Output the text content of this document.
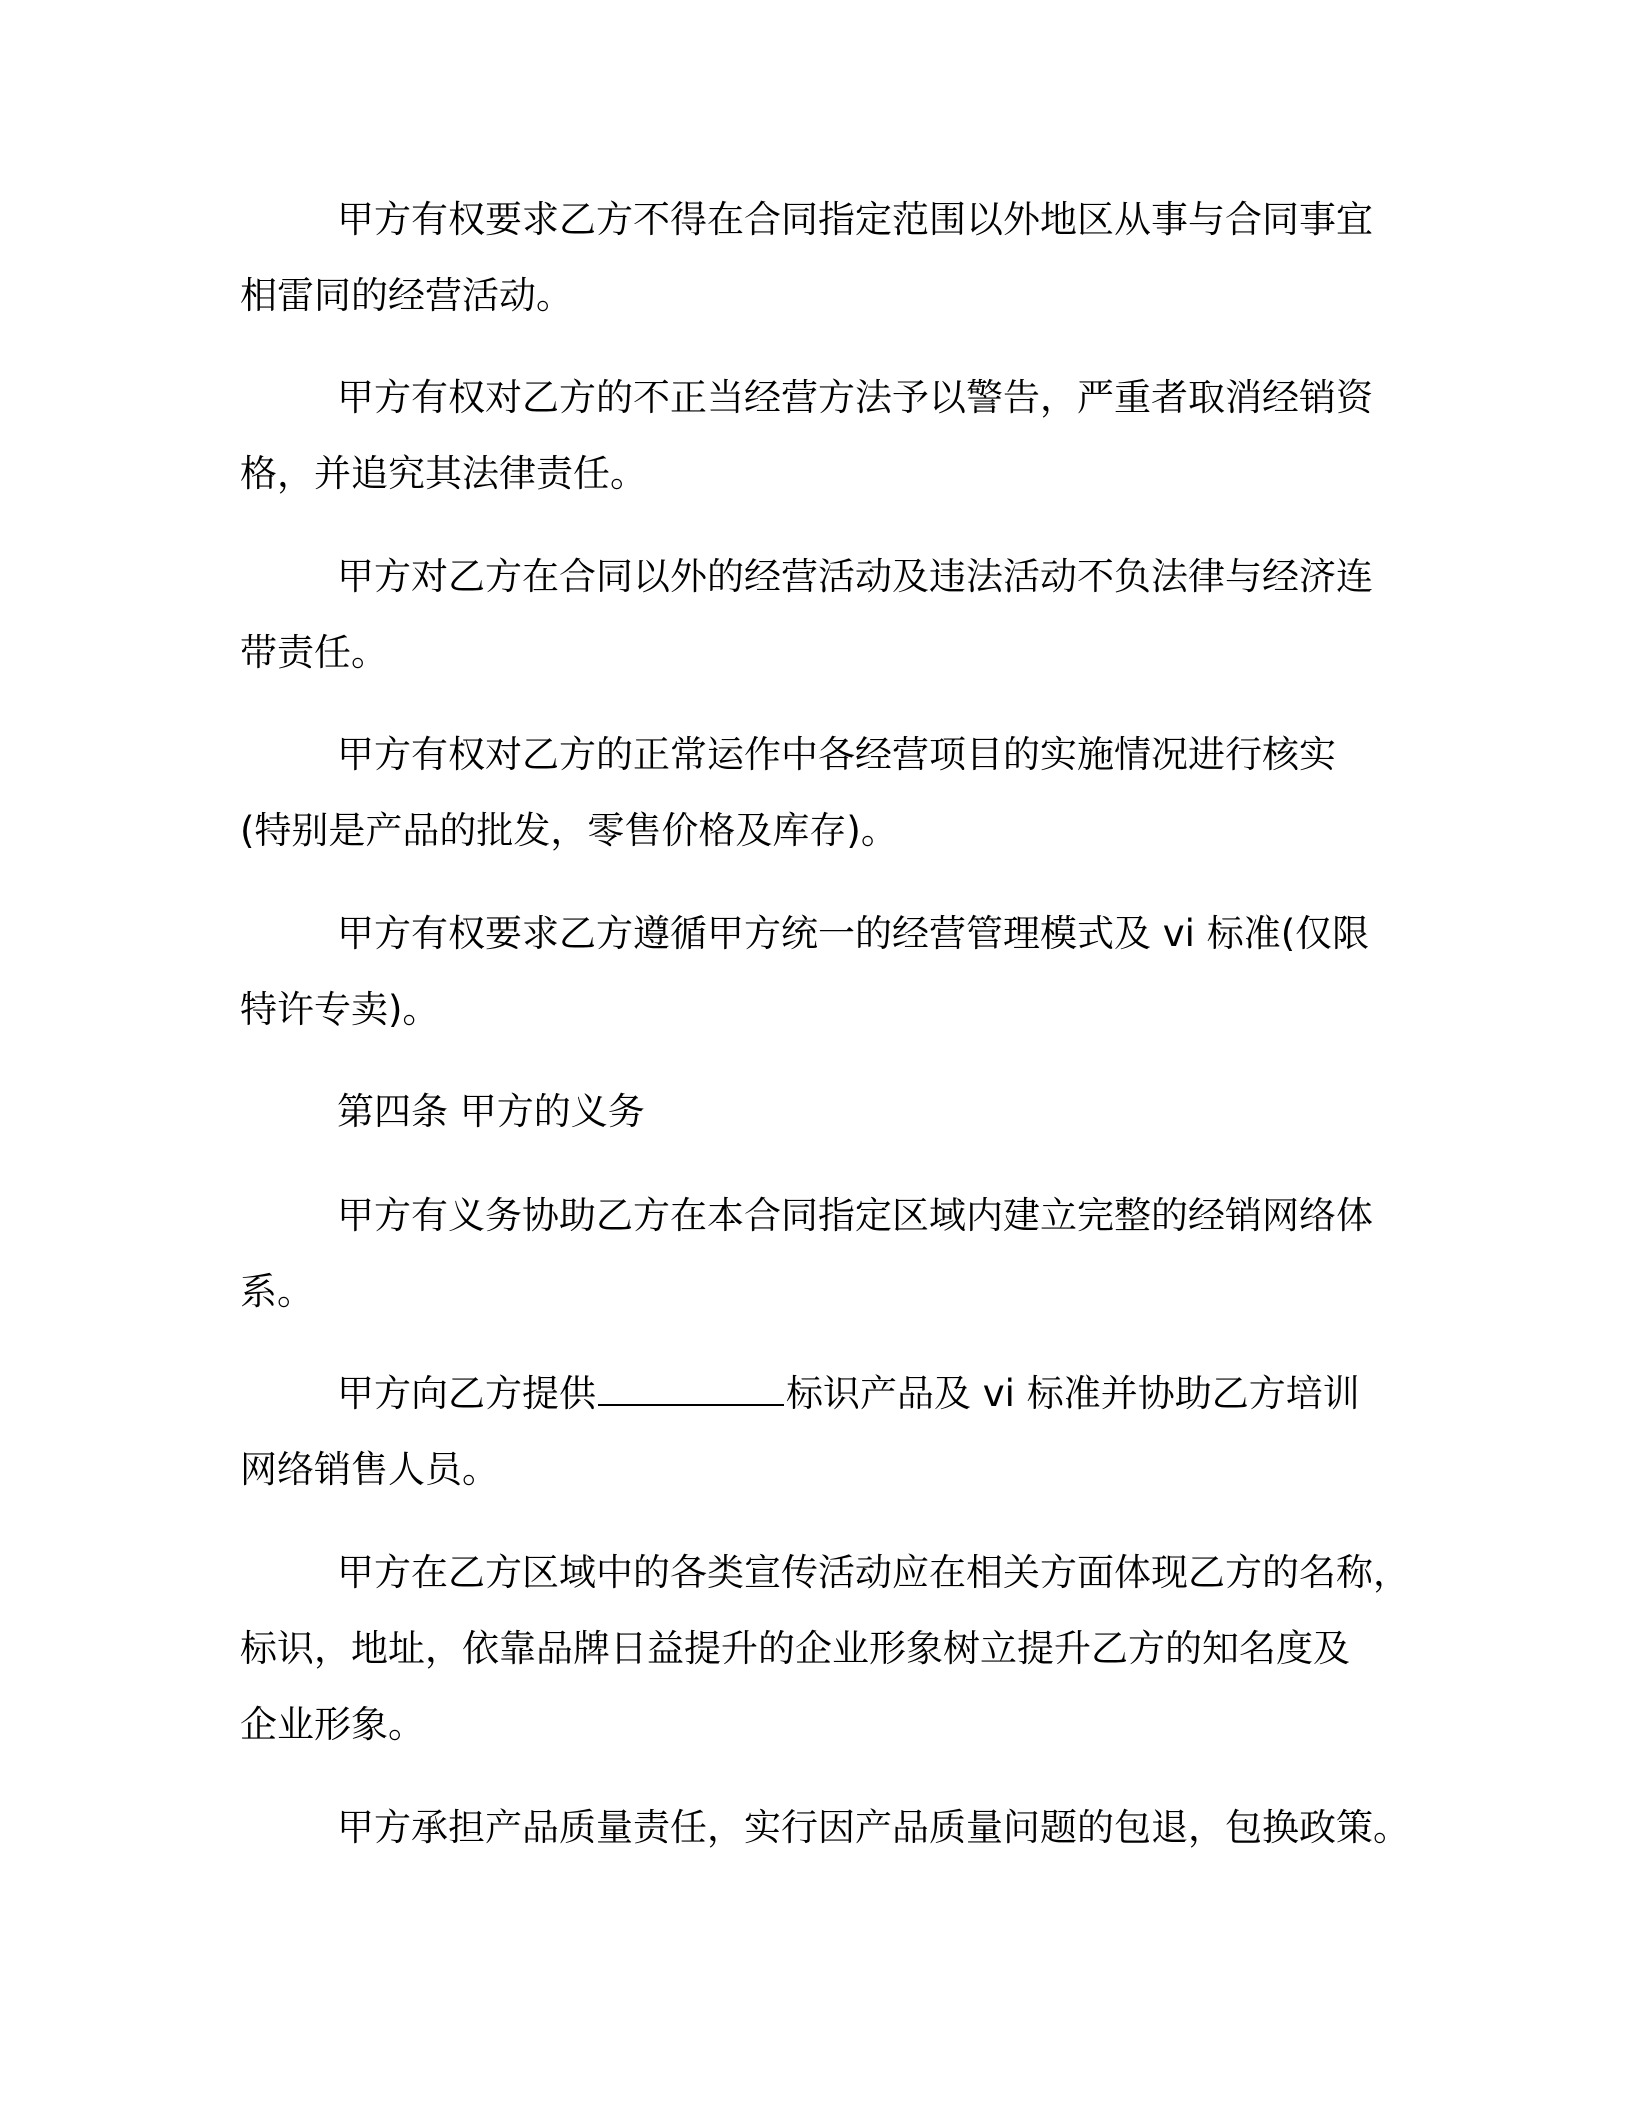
甲方有权要求乙方不得在合同指定范围以外地区从事与合同事宜
相雷同的经营活动。
甲方有权对乙方的不正当经营方法予以警告，严重者取消经销资
格，并追究其法律责任。
甲方对乙方在合同以外的经营活动及违法活动不负法律与经济连
带责任。
甲方有权对乙方的正常运作中各经营项目的实施情况进行核实
(特别是产品的批发，零售价格及库存)。
甲方有权要求乙方遵循甲方统一的经营管理模式及 vi 标准(仅限
特许专卖)。
第四条 甲方的义务
甲方有义务协助乙方在本合同指定区域内建立完整的经销网络体
系。
甲方向乙方提供	标识产品及 vi 标准并协助乙方培训
网络销售人员。
甲方在乙方区域中的各类宣传活动应在相关方面体现乙方的名称，
标识，地址，依靠品牌日益提升的企业形象树立提升乙方的知名度及
企业形象。
甲方承担产品质量责任，实行因产品质量问题的包退，包换政策。
